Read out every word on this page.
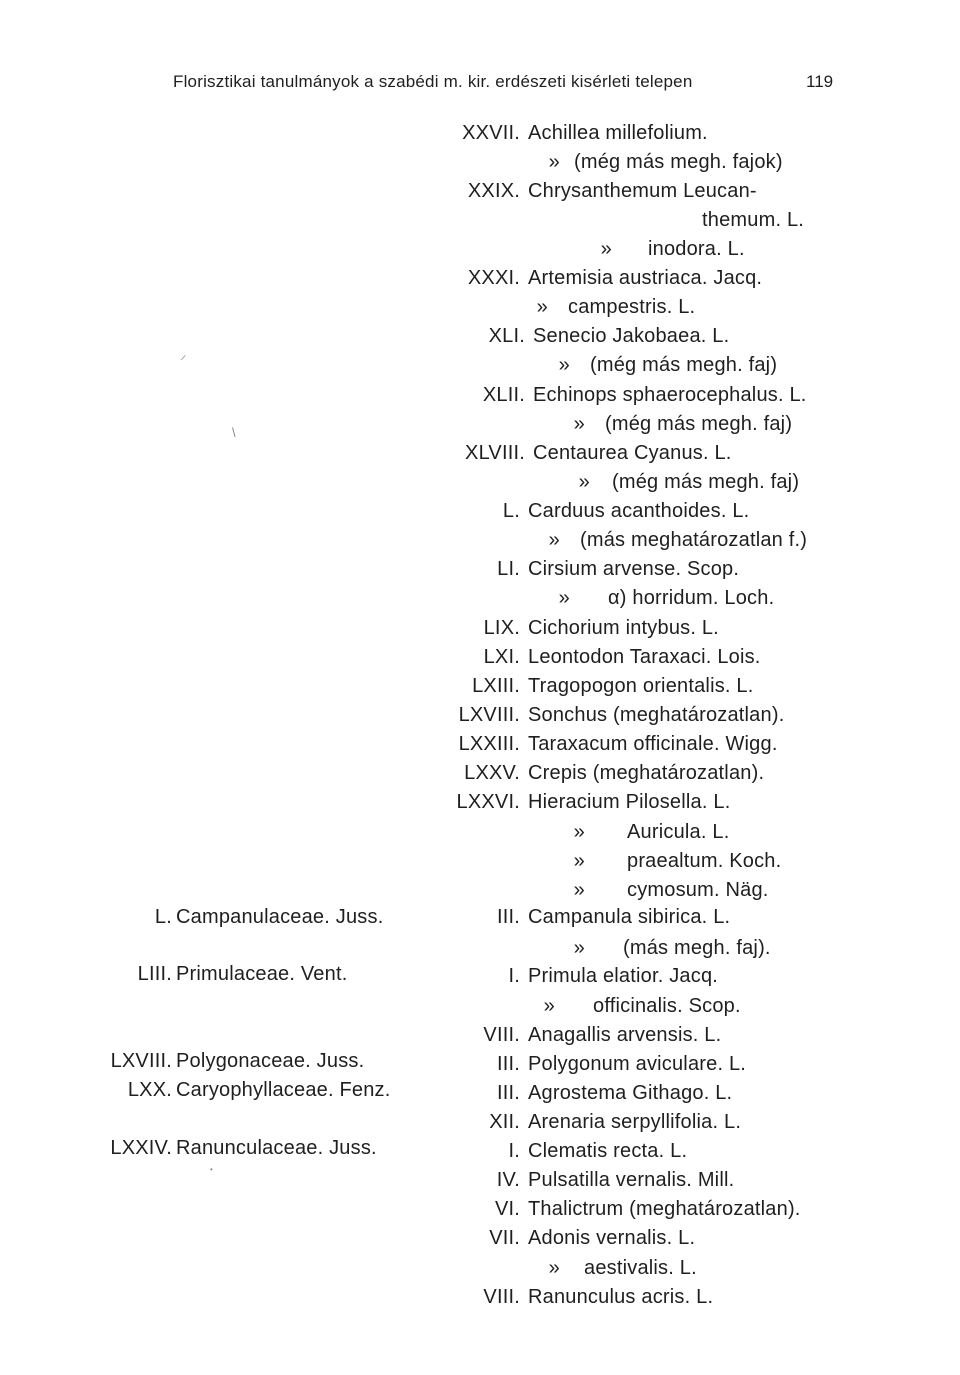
Florisztikai tanulmányok a szabédi m. kir. erdészeti kisérleti telepen	119
L. Campanulaceae. Juss.
LIII. Primulaceae. Vent.
LXVIII. Polygonaceae. Juss.
LXX. Caryophyllaceae. Fenz.
LXXIV. Ranunculaceae. Juss.
XXVII. Achillea millefolium.
» (még más megh. fajok)
XXIX. Chrysanthemum Leucan-
themum. L.
» inodora. L.
XXXI. Artemisia austriaca. Jacq.
» campestris. L.
XLI. Senecio Jakobaea. L.
» (még más megh. faj)
XLII. Echinops sphaerocephalus. L.
» (még más megh. faj)
XLVIII. Centaurea Cyanus. L.
» (még más megh. faj)
L. Carduus acanthoides. L.
» (más meghatározatlan f.)
LI. Cirsium arvense. Scop.
» α) horridum. Loch.
LIX. Cichorium intybus. L.
LXI. Leontodon Taraxaci. Lois.
LXIII. Tragopogon orientalis. L.
LXVIII. Sonchus (meghatározatlan).
LXXIII. Taraxacum officinale. Wigg.
LXXV. Crepis (meghatározatlan).
LXXVI. Hieracium Pilosella. L.
» Auricula. L.
» praealtum. Koch.
» cymosum. Näg.
III. Campanula sibirica. L.
» (más megh. faj).
I. Primula elatior. Jacq.
» officinalis. Scop.
VIII. Anagallis arvensis. L.
III. Polygonum aviculare. L.
III. Agrostema Githago. L.
XII. Arenaria serpyllifolia. L.
I. Clematis recta. L.
IV. Pulsatilla vernalis. Mill.
VI. Thalictrum (meghatározatlan).
VII. Adonis vernalis. L.
» aestivalis. L.
VIII. Ranunculus acris. L.
⸝
\
•
